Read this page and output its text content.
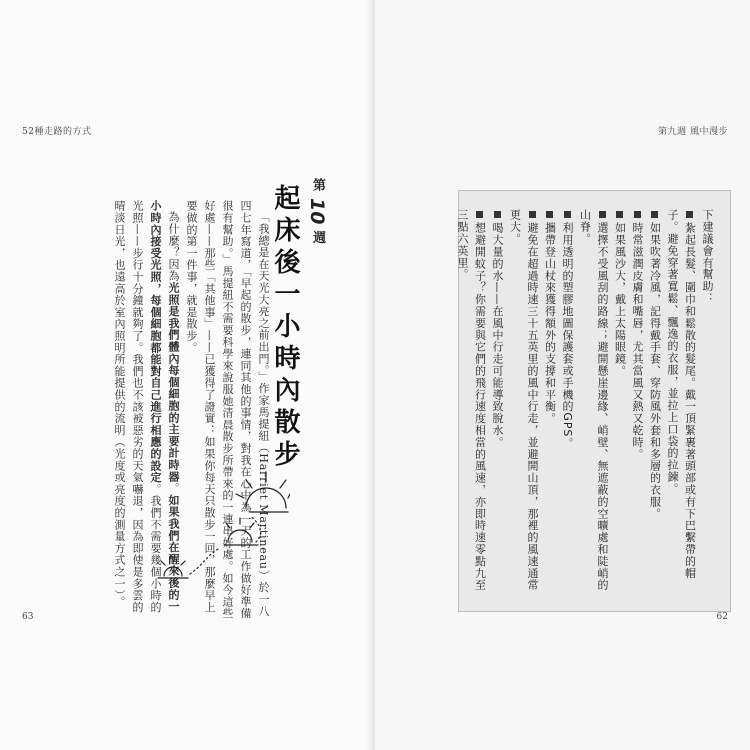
52種走路的方式
第 10 週
起床後一小時內散步

「我總是在天光大亮之前出門。」作家馬提紐（Harriet Martineau）於一八四七年寫道，「早起的散步，連同其他的事情，對我在心中為一天的工作做好準備很有幫助。」馬提紐不需要科學來說服她清晨散步所帶來的一連串好處。如今這些好處——那些「其他事」——已獲得了證實：如果你每天只散步一回，那麼早上要做的第一件事，就是散步。

為什麼？因為光照是我們體內每個細胞的主要計時器。如果我們在醒來後的一小時內接受光照，每個細胞都能對自己進行相應的設定。我們不需要幾個小時的光照——步行十分鐘就夠了。我們也不該被惡劣的天氣嚇退，因為即使是多雲的晴淡日光，也遠高於室內照明所能提供的流明（光度或亮度的測量方式之一）。

63
第九週 風中漫步
62

下建議會有幫助：

紮起長髮、圍巾和鬆散的髮尾。戴一頂緊裹著頭部或有下巴繫帶的帽子。避免穿著寬鬆、飄逸的衣服，並拉上口袋的拉鍊。

如果吹著冷風，記得戴手套、穿防風外套和多層的衣服。

時常滋潤皮膚和嘴唇，尤其當風又熱又乾時。

如果風沙大，戴上太陽眼鏡。

選擇不受風刮的路線；避開懸崖邊緣、峭壁、無遮蔽的空曠處和陡峭的山脊。

利用透明的塑膠地圖保護套或手機的GPS。

攜帶登山杖來獲得額外的支撐和平衡。

避免在超過時速三十五英里的風中行走，並避開山頂，那裡的風速通常更大。

喝大量的水——在風中行走可能導致脫水。

想避開蚊子？你需要與它們的飛行速度相當的風速，亦即時速零點九至三點六英里。
